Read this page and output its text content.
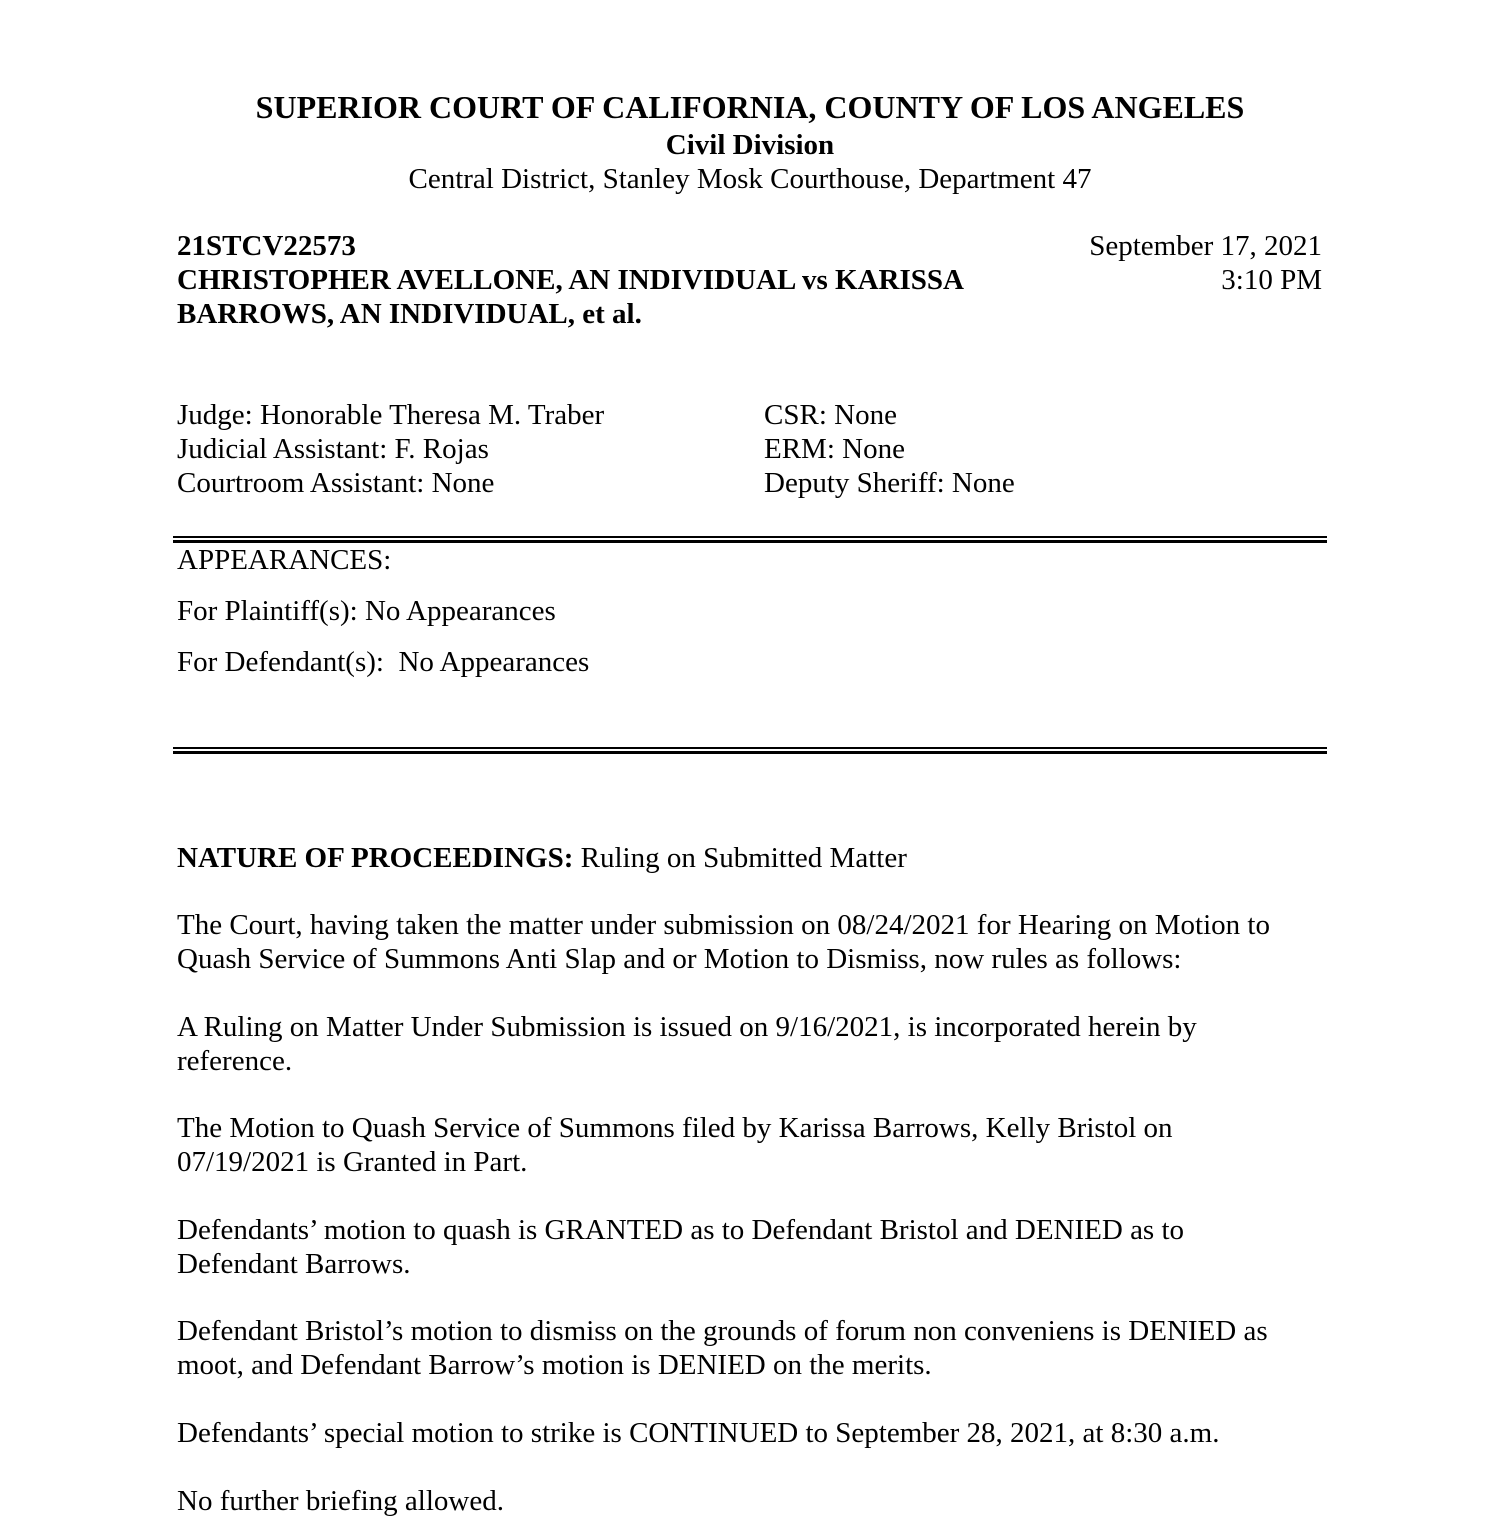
SUPERIOR COURT OF CALIFORNIA, COUNTY OF LOS ANGELES
Civil Division
Central District, Stanley Mosk Courthouse, Department 47
21STCV22573
CHRISTOPHER AVELLONE, AN INDIVIDUAL vs KARISSA
BARROWS, AN INDIVIDUAL, et al.
September 17, 2021
3:10 PM
Judge: Honorable Theresa M. Traber
Judicial Assistant: F. Rojas
Courtroom Assistant: None
CSR: None
ERM: None
Deputy Sheriff: None
APPEARANCES:
For Plaintiff(s): No Appearances
For Defendant(s):  No Appearances
NATURE OF PROCEEDINGS: Ruling on Submitted Matter
The Court, having taken the matter under submission on 08/24/2021 for Hearing on Motion to
Quash Service of Summons Anti Slap and or Motion to Dismiss, now rules as follows:
A Ruling on Matter Under Submission is issued on 9/16/2021, is incorporated herein by
reference.
The Motion to Quash Service of Summons filed by Karissa Barrows, Kelly Bristol on
07/19/2021 is Granted in Part.
Defendants’ motion to quash is GRANTED as to Defendant Bristol and DENIED as to
Defendant Barrows.
Defendant Bristol’s motion to dismiss on the grounds of forum non conveniens is DENIED as
moot, and Defendant Barrow’s motion is DENIED on the merits.
Defendants’ special motion to strike is CONTINUED to September 28, 2021, at 8:30 a.m.
No further briefing allowed.
